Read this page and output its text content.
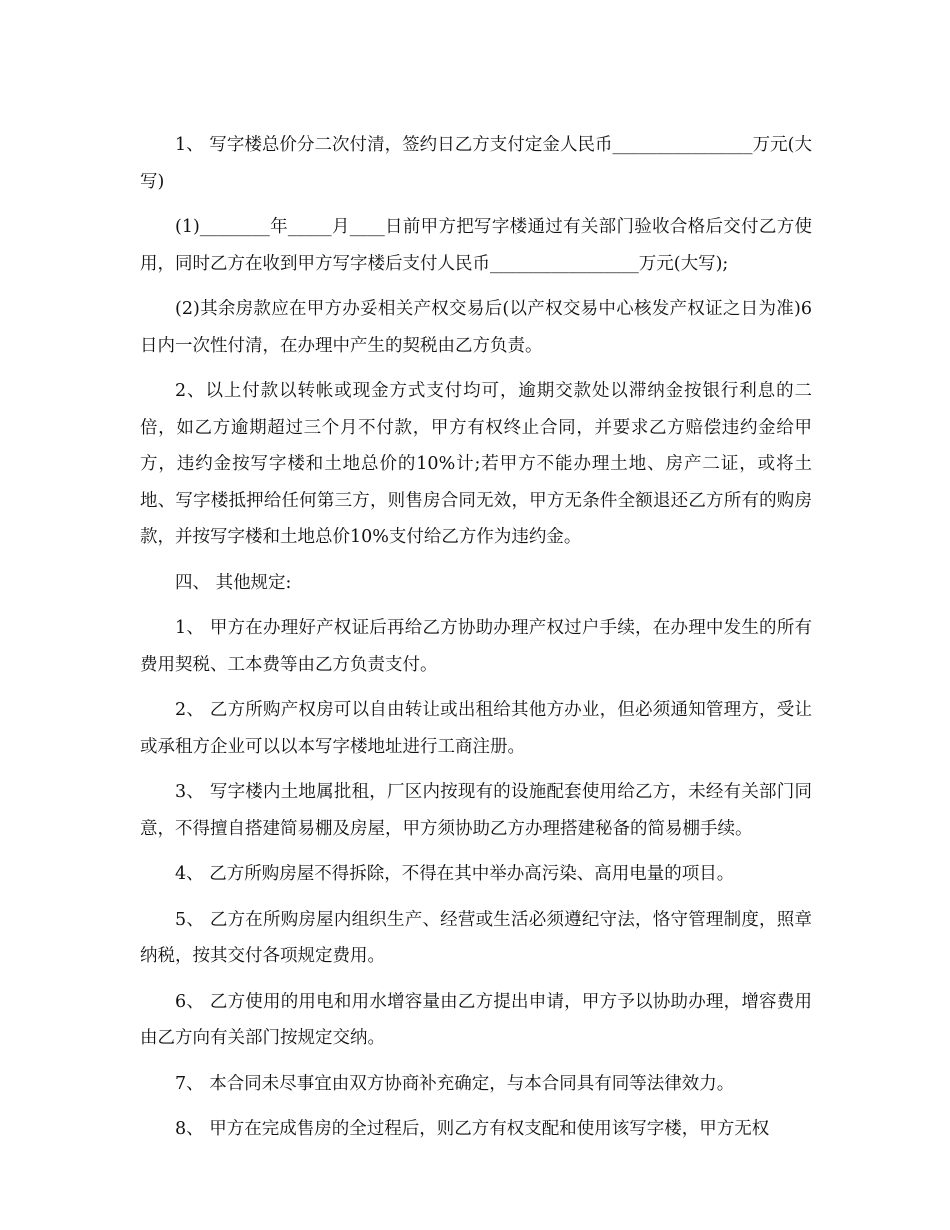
1、 写字楼总价分二次付清，签约日乙方支付定金人民币________________万元(大写)

(1)________年_____月____日前甲方把写字楼通过有关部门验收合格后交付乙方使用，同时乙方在收到甲方写字楼后支付人民币_________________万元(大写);

(2)其余房款应在甲方办妥相关产权交易后(以产权交易中心核发产权证之日为准)6日内一次性付清，在办理中产生的契税由乙方负责。

2、以上付款以转帐或现金方式支付均可，逾期交款处以滞纳金按银行利息的二倍，如乙方逾期超过三个月不付款，甲方有权终止合同，并要求乙方赔偿违约金给甲方，违约金按写字楼和土地总价的10%计;若甲方不能办理土地、房产二证，或将土地、写字楼抵押给任何第三方，则售房合同无效，甲方无条件全额退还乙方所有的购房款，并按写字楼和土地总价10%支付给乙方作为违约金。

四、 其他规定:

1、 甲方在办理好产权证后再给乙方协助办理产权过户手续，在办理中发生的所有费用契税、工本费等由乙方负责支付。

2、 乙方所购产权房可以自由转让或出租给其他方办业，但必须通知管理方，受让或承租方企业可以以本写字楼地址进行工商注册。

3、 写字楼内土地属批租，厂区内按现有的设施配套使用给乙方，未经有关部门同意，不得擅自搭建简易棚及房屋，甲方须协助乙方办理搭建秘备的简易棚手续。

4、 乙方所购房屋不得拆除，不得在其中举办高污染、高用电量的项目。

5、 乙方在所购房屋内组织生产、经营或生活必须遵纪守法，恪守管理制度，照章纳税，按其交付各项规定费用。

6、 乙方使用的用电和用水增容量由乙方提出申请，甲方予以协助办理，增容费用由乙方向有关部门按规定交纳。

7、 本合同未尽事宜由双方协商补充确定，与本合同具有同等法律效力。

8、 甲方在完成售房的全过程后，则乙方有权支配和使用该写字楼，甲方无权
